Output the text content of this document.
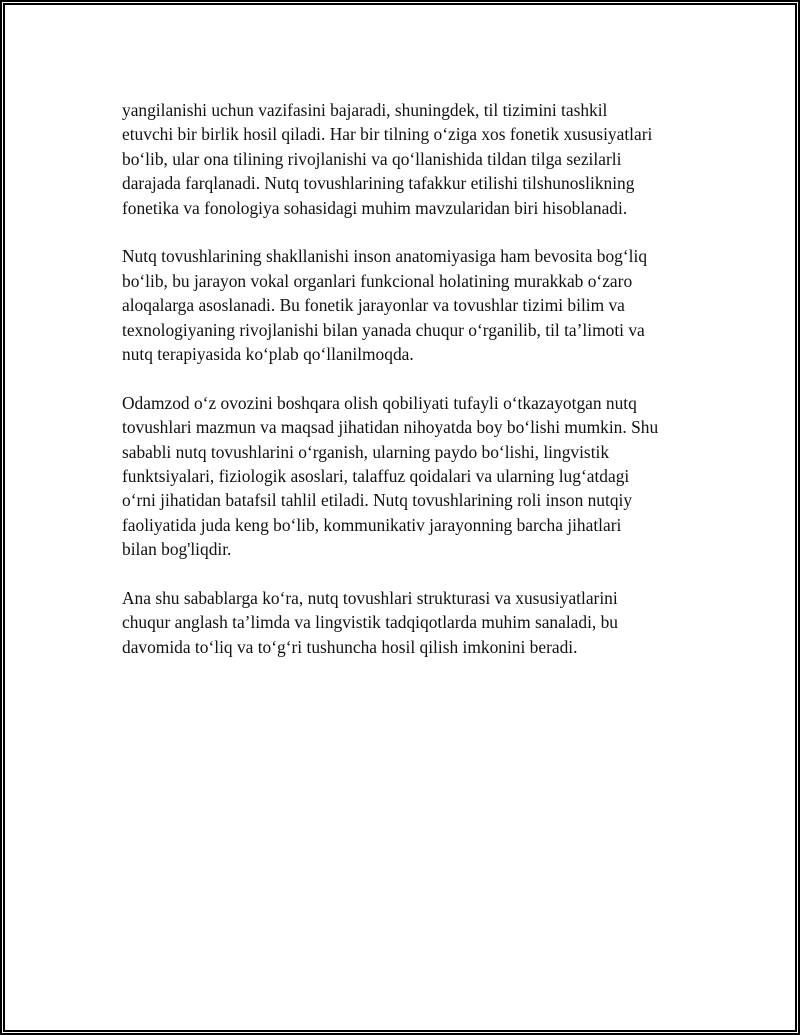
yangilanishi uchun vazifasini bajaradi, shuningdek, til tizimini tashkil
etuvchi bir birlik hosil qiladi. Har bir tilning o‘ziga xos fonetik xususiyatlari
bo‘lib, ular ona tilining rivojlanishi va qo‘llanishida tildan tilga sezilarli
darajada farqlanadi. Nutq tovushlarining tafakkur etilishi tilshunoslikning
fonetika va fonologiya sohasidagi muhim mavzularidan biri hisoblanadi.

Nutq tovushlarining shakllanishi inson anatomiyasiga ham bevosita bog‘liq
bo‘lib, bu jarayon vokal organlari funkcional holatining murakkab o‘zaro
aloqalarga asoslanadi. Bu fonetik jarayonlar va tovushlar tizimi bilim va
texnologiyaning rivojlanishi bilan yanada chuqur o‘rganilib, til ta’limoti va
nutq terapiyasida ko‘plab qo‘llanilmoqda.

Odamzod o‘z ovozini boshqara olish qobiliyati tufayli o‘tkazayotgan nutq
tovushlari mazmun va maqsad jihatidan nihoyatda boy bo‘lishi mumkin. Shu
sababli nutq tovushlarini o‘rganish, ularning paydo bo‘lishi, lingvistik
funktsiyalari, fiziologik asoslari, talaffuz qoidalari va ularning lug‘atdagi
o‘rni jihatidan batafsil tahlil etiladi. Nutq tovushlarining roli inson nutqiy
faoliyatida juda keng bo‘lib, kommunikativ jarayonning barcha jihatlari
bilan bog'liqdir.

Ana shu sabablarga ko‘ra, nutq tovushlari strukturasi va xususiyatlarini
chuqur anglash ta’limda va lingvistik tadqiqotlarda muhim sanaladi, bu
davomida to‘liq va to‘g‘ri tushuncha hosil qilish imkonini beradi.
